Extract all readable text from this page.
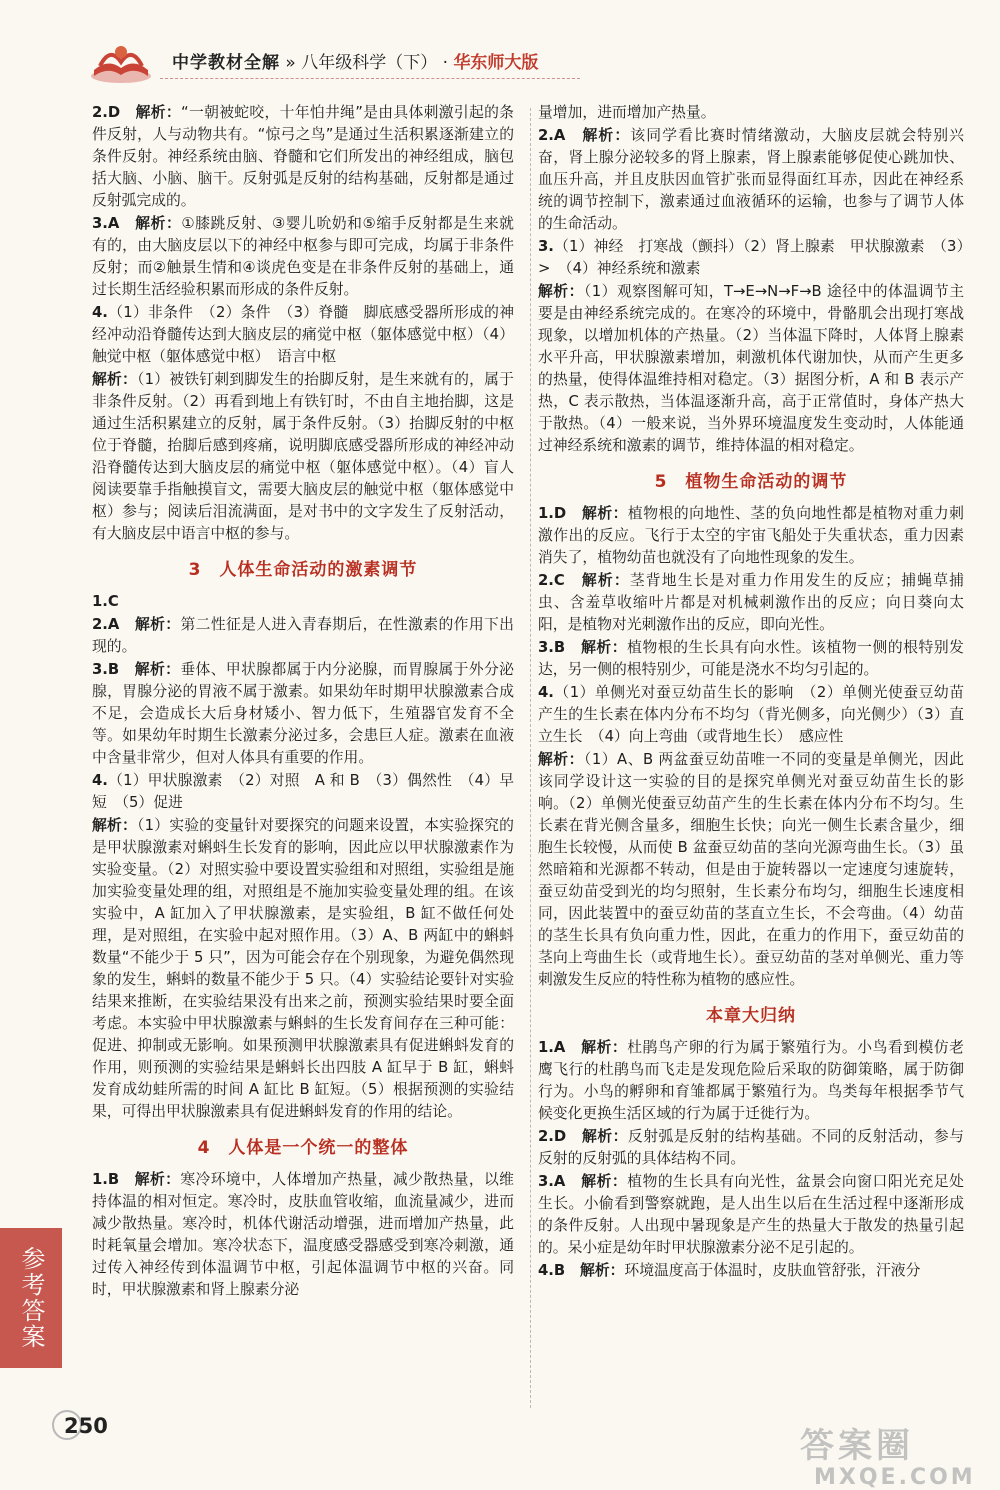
中学教材全解 » 八年级科学（下） · 华东师大版
2.D　 解析：“一朝被蛇咬，十年怕井绳”是由具体刺激引起的条件反射，人与动物共有。“惊弓之鸟”是通过生活积累逐渐建立的条件反射。神经系统由脑、脊髓和它们所发出的神经组成，脑包括大脑、小脑、脑干。反射弧是反射的结构基础，反射都是通过反射弧完成的。
3.A　 解析：①膝跳反射、③婴儿吮奶和⑤缩手反射都是生来就有的，由大脑皮层以下的神经中枢参与即可完成，均属于非条件反射；而②触景生情和④谈虎色变是在非条件反射的基础上，通过长期生活经验积累而形成的条件反射。
4.（1）非条件　（2）条件　（3）脊髓　脚底感受器所形成的神经冲动沿脊髓传达到大脑皮层的痛觉中枢（躯体感觉中枢）（4）触觉中枢（躯体感觉中枢）　语言中枢
解析：（1）被铁钉刺到脚发生的抬脚反射，是生来就有的，属于非条件反射。（2）再看到地上有铁钉时，不由自主地抬脚，这是通过生活积累建立的反射，属于条件反射。（3）抬脚反射的中枢位于脊髓，抬脚后感到疼痛，说明脚底感受器所形成的神经冲动沿脊髓传达到大脑皮层的痛觉中枢（躯体感觉中枢）。（4）盲人阅读要靠手指触摸盲文，需要大脑皮层的触觉中枢（躯体感觉中枢）参与；阅读后泪流满面，是对书中的文字发生了反射活动，有大脑皮层中语言中枢的参与。
3　人体生命活动的激素调节
1.C
2.A　 解析：第二性征是人进入青春期后，在性激素的作用下出现的。
3.B　 解析：垂体、甲状腺都属于内分泌腺，而胃腺属于外分泌腺，胃腺分泌的胃液不属于激素。如果幼年时期甲状腺激素合成不足，会造成长大后身材矮小、智力低下，生殖器官发育不全等。如果幼年时期生长激素分泌过多，会患巨人症。激素在血液中含量非常少，但对人体具有重要的作用。
4.（1）甲状腺激素　（2）对照　A 和 B　（3）偶然性　（4）早短　（5）促进
解析：（1）实验的变量针对要探究的问题来设置，本实验探究的是甲状腺激素对蝌蚪生长发育的影响，因此应以甲状腺激素作为实验变量。（2）对照实验中要设置实验组和对照组，实验组是施加实验变量处理的组，对照组是不施加实验变量处理的组。在该实验中，A 缸加入了甲状腺激素，是实验组，B 缸不做任何处理，是对照组，在实验中起对照作用。（3）A、B 两缸中的蝌蚪数量“不能少于 5 只”，因为可能会存在个别现象，为避免偶然现象的发生，蝌蚪的数量不能少于 5 只。（4）实验结论要针对实验结果来推断，在实验结果没有出来之前，预测实验结果时要全面考虑。本实验中甲状腺激素与蝌蚪的生长发育间存在三种可能：促进、抑制或无影响。如果预测甲状腺激素具有促进蝌蚪发育的作用，则预测的实验结果是蝌蚪长出四肢 A 缸早于 B 缸，蝌蚪发育成幼蛙所需的时间 A 缸比 B 缸短。（5）根据预测的实验结果，可得出甲状腺激素具有促进蝌蚪发育的作用的结论。
4　人体是一个统一的整体
1.B　 解析：寒冷环境中，人体增加产热量，减少散热量，以维持体温的相对恒定。寒冷时，皮肤血管收缩，血流量减少，进而减少散热量。寒冷时，机体代谢活动增强，进而增加产热量，此时耗氧量会增加。寒冷状态下，温度感受器感受到寒冷刺激，通过传入神经传到体温调节中枢，引起体温调节中枢的兴奋。同时，甲状腺激素和肾上腺素分泌
量增加，进而增加产热量。
2.A　 解析：该同学看比赛时情绪激动，大脑皮层就会特别兴奋，肾上腺分泌较多的肾上腺素，肾上腺素能够促使心跳加快、血压升高，并且皮肤因血管扩张而显得面红耳赤，因此在神经系统的调节控制下，激素通过血液循环的运输，也参与了调节人体的生命活动。
3.（1）神经　打寒战（颤抖）（2）肾上腺素　甲状腺激素　（3）>　（4）神经系统和激素
解析：（1）观察图解可知，T→E→N→F→B 途径中的体温调节主要是由神经系统完成的。在寒冷的环境中，骨骼肌会出现打寒战现象，以增加机体的产热量。（2）当体温下降时，人体肾上腺素水平升高，甲状腺激素增加，刺激机体代谢加快，从而产生更多的热量，使得体温维持相对稳定。（3）据图分析，A 和 B 表示产热，C 表示散热，当体温逐渐升高，高于正常值时，身体产热大于散热。（4）一般来说，当外界环境温度发生变动时，人体能通过神经系统和激素的调节，维持体温的相对稳定。
5　植物生命活动的调节
1.D　 解析：植物根的向地性、茎的负向地性都是植物对重力刺激作出的反应。飞行于太空的宇宙飞船处于失重状态，重力因素消失了，植物幼苗也就没有了向地性现象的发生。
2.C　 解析：茎背地生长是对重力作用发生的反应；捕蝇草捕虫、含羞草收缩叶片都是对机械刺激作出的反应；向日葵向太阳，是植物对光刺激作出的反应，即向光性。
3.B　 解析：植物根的生长具有向水性。该植物一侧的根特别发达，另一侧的根特别少，可能是浇水不均匀引起的。
4.（1）单侧光对蚕豆幼苗生长的影响　（2）单侧光使蚕豆幼苗产生的生长素在体内分布不均匀（背光侧多，向光侧少）（3）直立生长　（4）向上弯曲（或背地生长）　感应性
解析：（1）A、B 两盆蚕豆幼苗唯一不同的变量是单侧光，因此该同学设计这一实验的目的是探究单侧光对蚕豆幼苗生长的影响。（2）单侧光使蚕豆幼苗产生的生长素在体内分布不均匀。生长素在背光侧含量多，细胞生长快；向光一侧生长素含量少，细胞生长较慢，从而使 B 盆蚕豆幼苗的茎向光源弯曲生长。（3）虽然暗箱和光源都不转动，但是由于旋转器以一定速度匀速旋转，蚕豆幼苗受到光的均匀照射，生长素分布均匀，细胞生长速度相同，因此装置中的蚕豆幼苗的茎直立生长，不会弯曲。（4）幼苗的茎生长具有负向重力性，因此，在重力的作用下，蚕豆幼苗的茎向上弯曲生长（或背地生长）。蚕豆幼苗的茎对单侧光、重力等刺激发生反应的特性称为植物的感应性。
本章大归纳
1.A　 解析：杜鹃鸟产卵的行为属于繁殖行为。小鸟看到模仿老鹰飞行的杜鹃鸟而飞走是发现危险后采取的防御策略，属于防御行为。小鸟的孵卵和育雏都属于繁殖行为。鸟类每年根据季节气候变化更换生活区域的行为属于迁徙行为。
2.D　 解析：反射弧是反射的结构基础。不同的反射活动，参与反射的反射弧的具体结构不同。
3.A　 解析：植物的生长具有向光性，盆景会向窗口阳光充足处生长。小偷看到警察就跑，是人出生以后在生活过程中逐渐形成的条件反射。人出现中暑现象是产生的热量大于散发的热量引起的。呆小症是幼年时甲状腺激素分泌不足引起的。
4.B　 解析：环境温度高于体温时，皮肤血管舒张，汗液分
参考答案
250	答案圈
MXQE.COM
